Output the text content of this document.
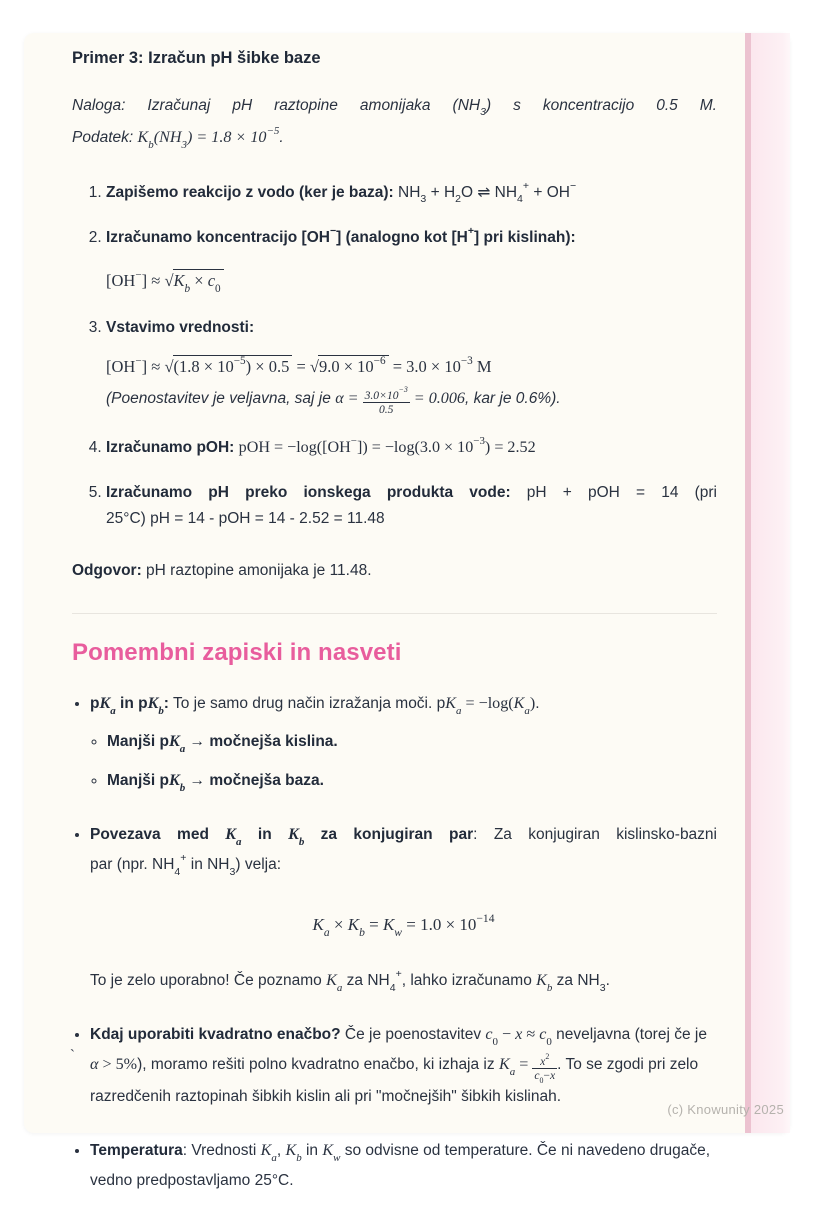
Primer 3: Izračun pH šibke baze
Naloga: Izračunaj pH raztopine amonijaka $(NH_3)$ s koncentracijo 0.5 M.
Podatek: $K_b(NH_3) = 1.8 \times 10^{-5}$.
1. Zapišemo reakcijo z vodo (ker je baza): $NH_3 + H_2O$ ⇌ $NH_4^+ + OH^-$
2. Izračunamo koncentracijo [OH−] (analogno kot [H+] pri kislinah):
$[OH^-] \approx √K_b \times c_0$
3. Vstavimo vrednosti:
$[OH^-] \approx √(1.8 \times 10^{-5}) \times 0.5 = √9.0 \times 10^{-6} = 3.0 \times 10^{-3}$ M
(Poenostavitev je veljavna, saj je $\alpha = \frac{3.0\times 10^{-3}}{0.5} = 0.006$, kar je 0.6%).
4. Izračunamo pOH: pOH = $-\log([OH^-]) = -\log(3.0 \times 10^{-3}) = 2.52$
5. Izračunamo pH preko ionskega produkta vode: pH + pOH = 14 (pri
25°C) pH = 14 - pOH = 14 - 2.52 = 11.48
Odgovor: pH raztopine amonijaka je 11.48.
Pomembni zapiski in nasveti
• $pK_a$ in $pK_b$: To je samo drug način izražanja moči. $pK_a = -\log(K_a)$.
◦ Manjši $pK_a$ → močnejša kislina.
◦ Manjši $pK_b$ → močnejša baza.
• Povezava med $K_a$ in $K_b$ za konjugiran par: Za konjugiran kislinsko-bazni
par (npr. $NH_4^+$ in $NH_3$) velja:
$K_a \times K_b = K_w = 1.0 \times 10^{-14}$
To je zelo uporabno! Če poznamo $K_a$ za $NH_4^+$, lahko izračunamo $K_b$ za $NH_3$.
• Kdaj uporabiti kvadratno enačbo? Če je poenostavitev $c_0 - x \approx c_0$ neveljavna (torej če je α > 5%), moramo rešiti polno kvadratno enačbo, ki izhaja iz $K_a = \frac{x^2}{c_0-x}$ . To se zgodi pri zelo razredčenih raztopinah šibkih kislin ali pri "močnejših" šibkih kislinah.
• Temperatura: Vrednosti $K_a$, $K_b$ in $K_w$ so odvisne od temperature. Če ni navedeno drugače, vedno predpostavljamo 25°C.
`
(c) Knowunity 2025
